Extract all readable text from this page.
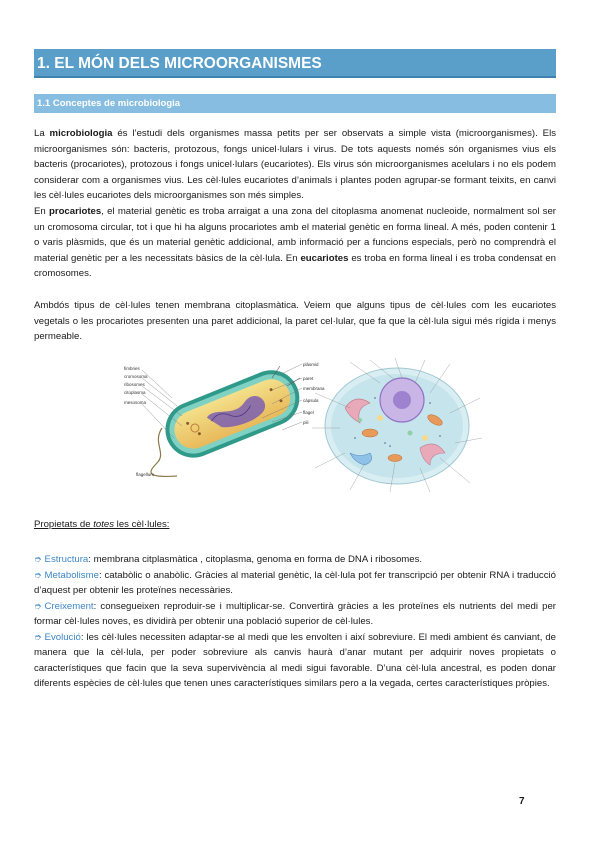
1. EL MÓN DELS MICROORGANISMES
1.1 Conceptes de microbiologia

La microbiologia és l’estudi dels organismes massa petits per ser observats a simple vista (microorganismes). Els microorganismes són: bacteris, protozous, fongs unicel·lulars i virus. De tots aquests només són organismes vius els bacteris (procariotes), protozous i fongs unicel·lulars (eucariotes). Els virus són microorganismes acelulars i no els podem considerar com a organismes vius. Les cèl·lules eucariotes d’animals i plantes poden agrupar-se formant teixits, en canvi les cèl·lules eucariotes dels microorganismes son més simples.

En procariotes, el material genètic es troba arraigat a una zona del citoplasma anomenat nucleoide, normalment sol ser un cromosoma circular, tot i que hi ha alguns procariotes amb el material genètic en forma lineal. A més, poden contenir 1 o varis plàsmids, que és un material genètic addicional, amb informació per a funcions especials, però no comprendrà el material genètic per a les necessitats bàsics de la cèl·lula. En eucariotes es troba en forma lineal i es troba condensat en cromosomes.

Ambdós tipus de cèl·lules tenen membrana citoplasmàtica. Veiem que alguns tipus de cèl·lules com les eucariotes vegetals o les procariotes presenten una paret addicional, la paret cel·lular, que fa que la cèl·lula sigui més rígida i menys permeable.

fimbries
cromosoma
ribosomes
citoplasma
mesosoma
plàsmid
paret
membrana
càpsula
flagel
pili
flagellum
Propietats de totes les cèl·lules:
➮ Estructura: membrana citplasmàtica , citoplasma, genoma en forma de DNA i ribosomes.
➮ Metabolisme: catabòlic o anabòlic. Gràcies al material genètic, la cèl·lula pot fer transcripció per obtenir RNA i traducció d’aquest per obtenir les proteïnes necessàries.
➮ Creixement: consegueixen reproduir-se i multiplicar-se. Convertirà gràcies a les proteïnes els nutrients del medi per formar cèl·lules noves, es dividirà per obtenir una població superior de cèl·lules.
➮ Evolució: les cèl·lules necessiten adaptar-se al medi que les envolten i així sobreviure. El medi ambient és canviant, de manera que la cèl·lula, per poder sobreviure als canvis haurà d’anar mutant per adquirir noves propietats o característiques que facin que la seva supervivència al medi sigui favorable. D’una cèl·lula ancestral, es poden donar diferents espècies de cèl·lules que tenen unes característiques similars pero a la vegada, certes característiques pròpies.
7
